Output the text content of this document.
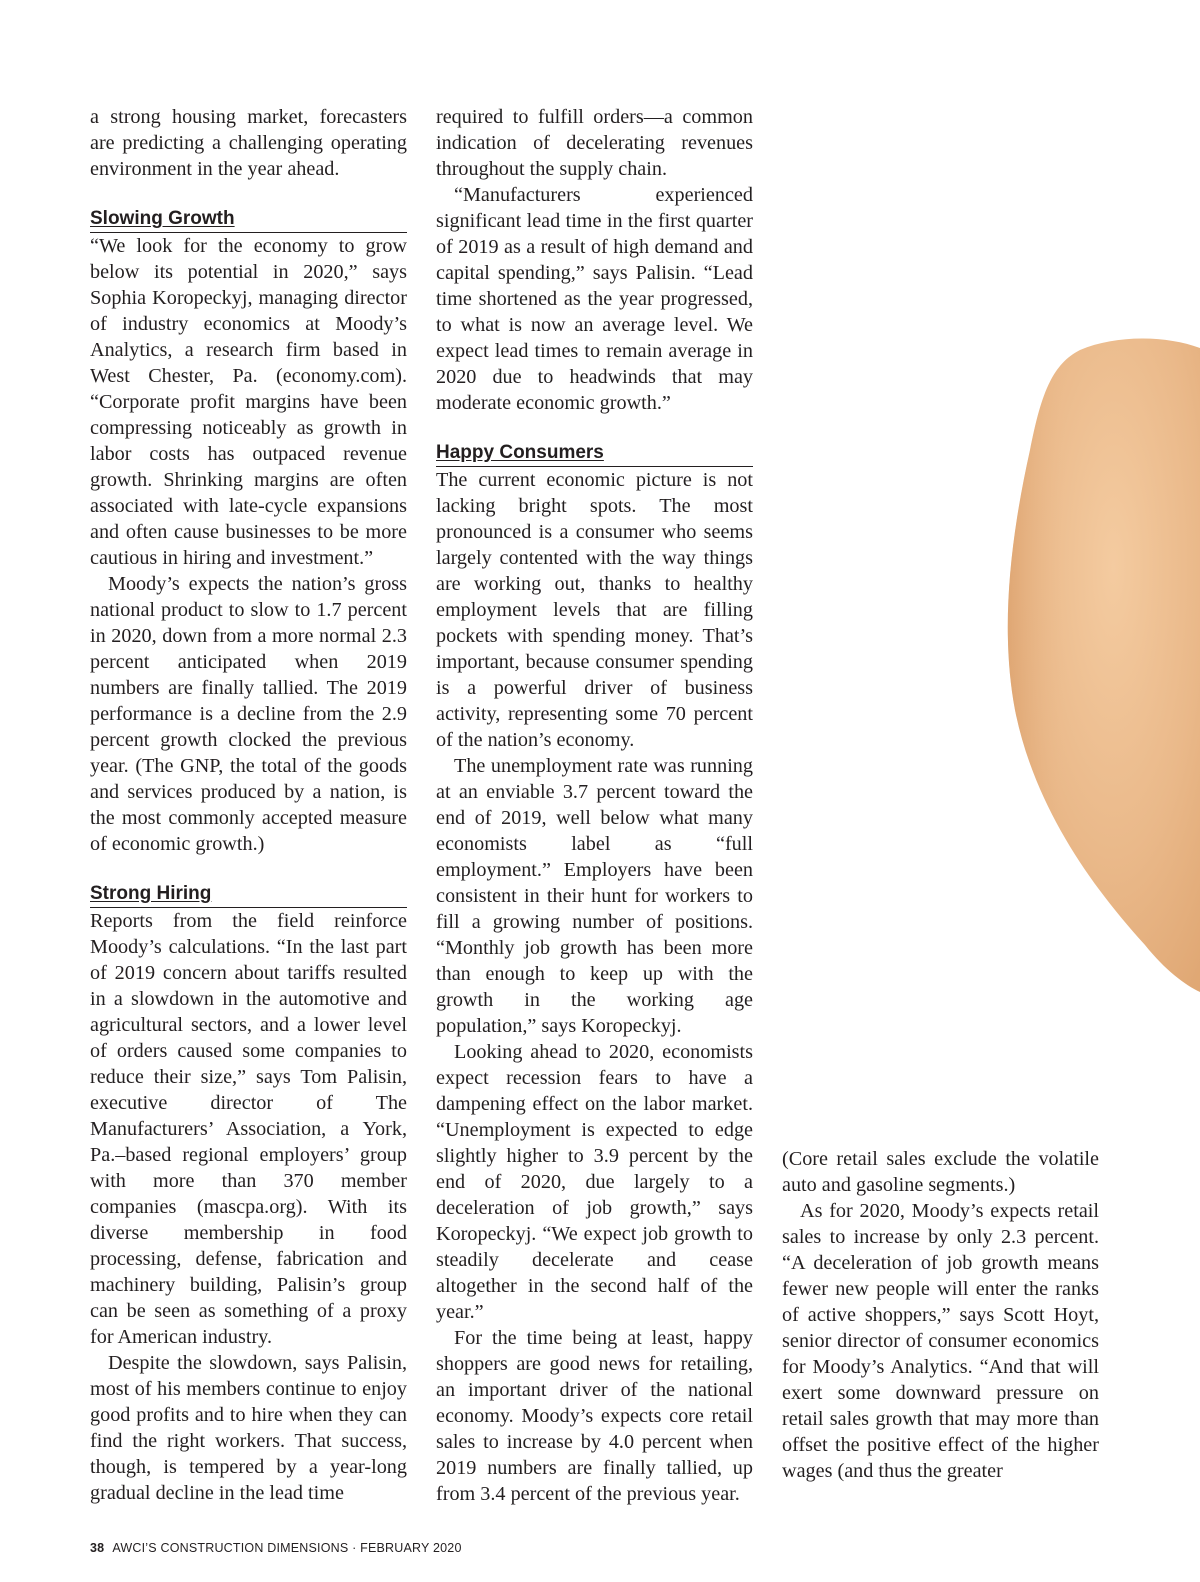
a strong housing market, forecasters are predicting a challenging operating environment in the year ahead.

Slowing Growth

“We look for the economy to grow below its potential in 2020,” says Sophia Koropeckyj, managing director of industry economics at Moody’s Analytics, a research firm based in West Chester, Pa. (economy.com). “Corporate profit margins have been compressing noticeably as growth in labor costs has outpaced revenue growth. Shrinking margins are often associated with late-cycle expansions and often cause businesses to be more cautious in hiring and investment.”

Moody’s expects the nation’s gross national product to slow to 1.7 percent in 2020, down from a more normal 2.3 percent anticipated when 2019 numbers are finally tallied. The 2019 performance is a decline from the 2.9 percent growth clocked the previous year. (The GNP, the total of the goods and services produced by a nation, is the most commonly accepted measure of economic growth.)

Strong Hiring

Reports from the field reinforce Moody’s calculations. “In the last part of 2019 concern about tariffs resulted in a slowdown in the automotive and agricultural sectors, and a lower level of orders caused some companies to reduce their size,” says Tom Palisin, executive director of The Manufacturers’ Association, a York, Pa.–based regional employers’ group with more than 370 member companies (mascpa.org). With its diverse membership in food processing, defense, fabrication and machinery building, Palisin’s group can be seen as something of a proxy for American industry.

Despite the slowdown, says Palisin, most of his members continue to enjoy good profits and to hire when they can find the right workers. That success, though, is tempered by a year-long gradual decline in the lead time

required to fulfill orders—a common indication of decelerating revenues throughout the supply chain.

“Manufacturers experienced significant lead time in the first quarter of 2019 as a result of high demand and capital spending,” says Palisin. “Lead time shortened as the year progressed, to what is now an average level. We expect lead times to remain average in 2020 due to headwinds that may moderate economic growth.”

Happy Consumers

The current economic picture is not lacking bright spots. The most pronounced is a consumer who seems largely contented with the way things are working out, thanks to healthy employment levels that are filling pockets with spending money. That’s important, because consumer spending is a powerful driver of business activity, representing some 70 percent of the nation’s economy.

The unemployment rate was running at an enviable 3.7 percent toward the end of 2019, well below what many economists label as “full employment.” Employers have been consistent in their hunt for workers to fill a growing number of positions. “Monthly job growth has been more than enough to keep up with the growth in the working age population,” says Koropeckyj.

Looking ahead to 2020, economists expect recession fears to have a dampening effect on the labor market. “Unemployment is expected to edge slightly higher to 3.9 percent by the end of 2020, due largely to a deceleration of job growth,” says Koropeckyj. “We expect job growth to steadily decelerate and cease altogether in the second half of the year.”

For the time being at least, happy shoppers are good news for retailing, an important driver of the national economy. Moody’s expects core retail sales to increase by 4.0 percent when 2019 numbers are finally tallied, up from 3.4 percent of the previous year.

(Core retail sales exclude the volatile auto and gasoline segments.)

As for 2020, Moody’s expects retail sales to increase by only 2.3 percent. “A deceleration of job growth means fewer new people will enter the ranks of active shoppers,” says Scott Hoyt, senior director of consumer economics for Moody’s Analytics. “And that will exert some downward pressure on retail sales growth that may more than offset the positive effect of the higher wages (and thus the greater

38 AWCI’S CONSTRUCTION DIMENSIONS · FEBRUARY 2020
